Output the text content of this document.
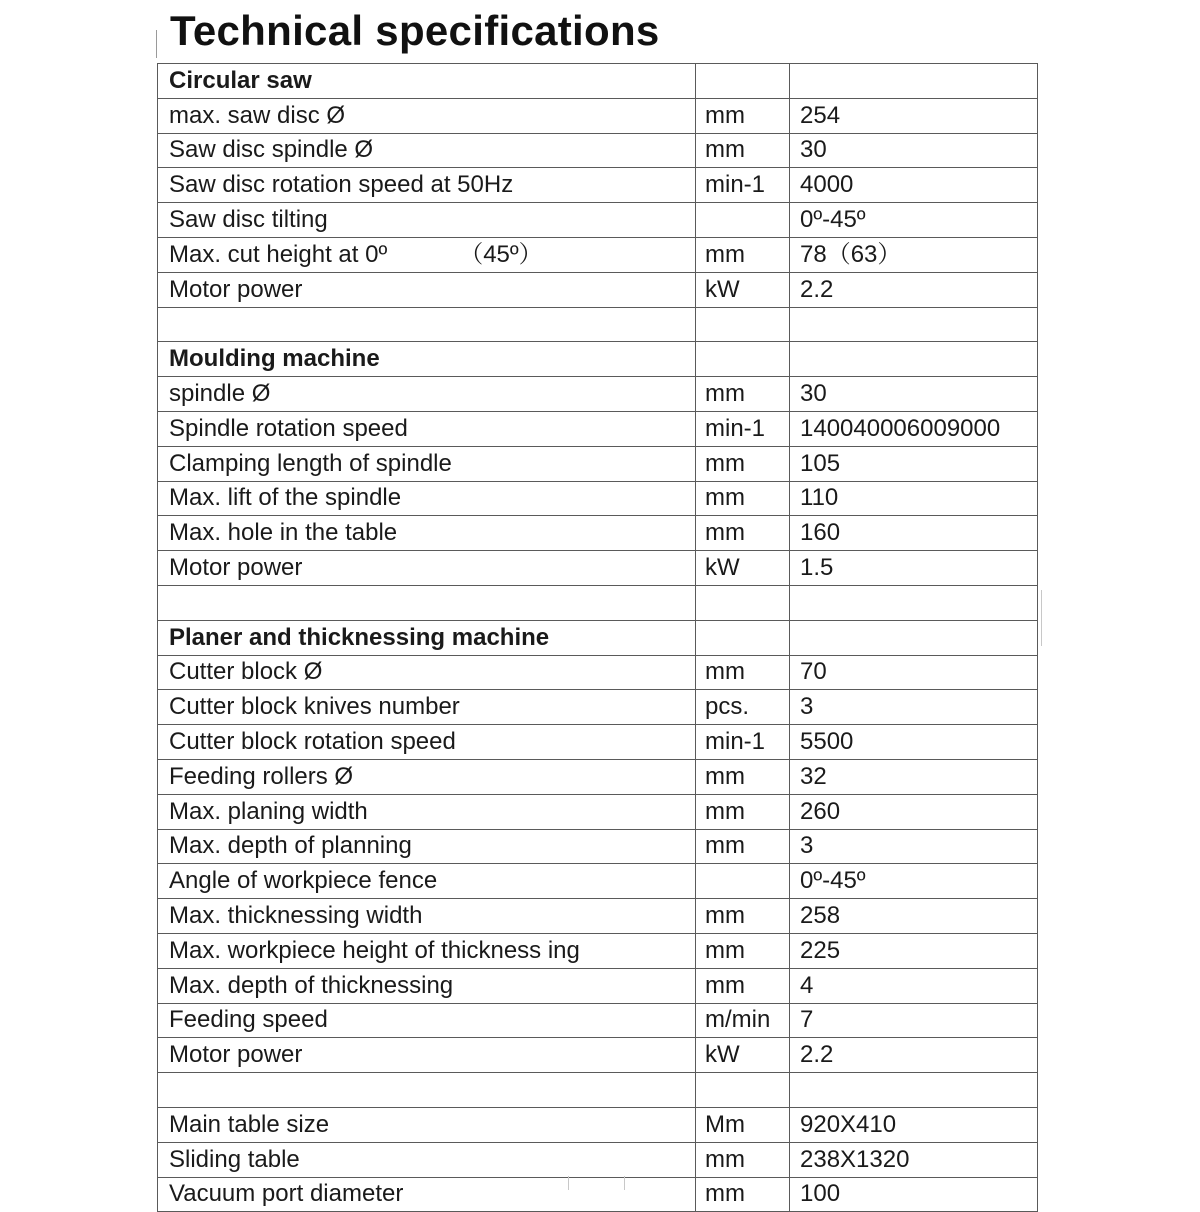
Technical specifications
Circular saw		
max. saw disc Ø	mm	254
Saw disc spindle Ø	mm	30
Saw disc rotation speed at 50Hz	min-1	4000
Saw disc tilting		0º-45º
Max. cut height at 0º   （45º）	mm	78（63）
Motor power	kW	2.2

Moulding machine		
spindle Ø	mm	30
Spindle rotation speed	min-1	140040006009000
Clamping length of spindle	mm	105
Max. lift of the spindle	mm	110
Max. hole in the table	mm	160
Motor power	kW	1.5

Planer and thicknessing machine		
Cutter block Ø	mm	70
Cutter block knives number	pcs.	3
Cutter block rotation speed	min-1	5500
Feeding rollers Ø	mm	32
Max. planing width	mm	260
Max. depth of planning	mm	3
Angle of workpiece fence		0º-45º
Max. thicknessing width	mm	258
Max. workpiece height of thickness ing	mm	225
Max. depth of thicknessing	mm	4
Feeding speed	m/min	7
Motor power	kW	2.2

Main table size	Mm	920X410
Sliding table	mm	238X1320
Vacuum port diameter	mm	100
